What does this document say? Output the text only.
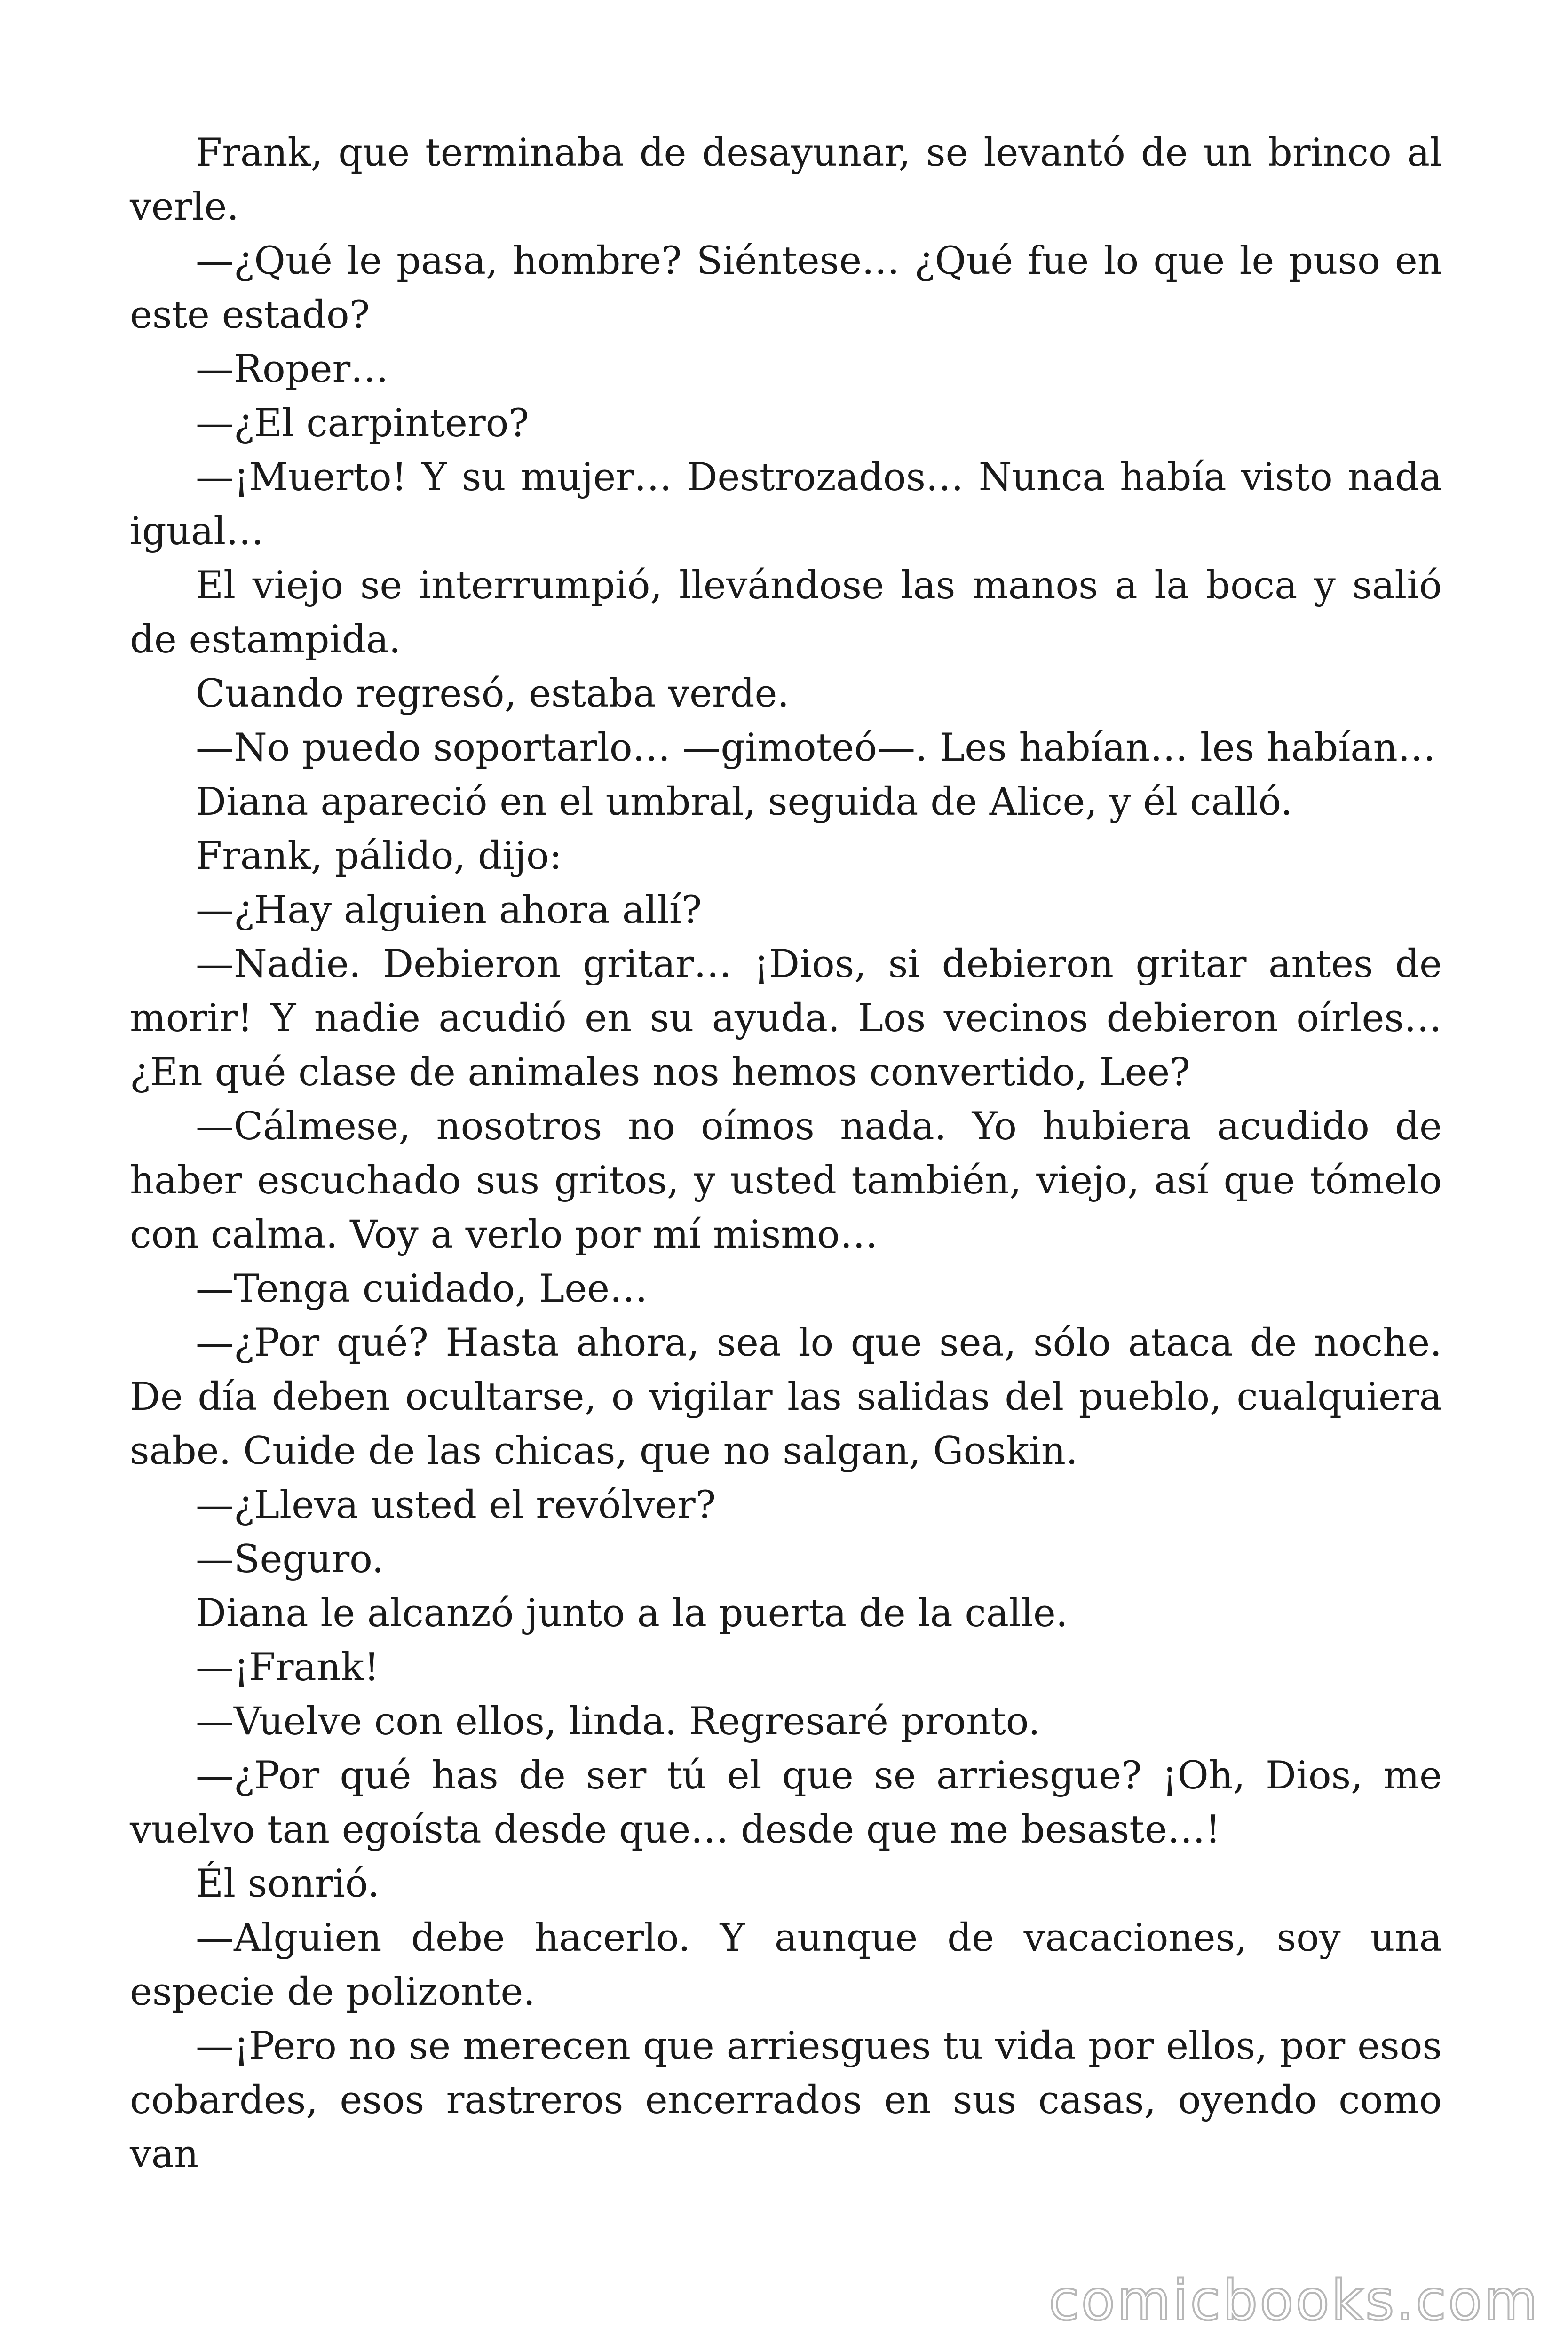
Frank, que terminaba de desayunar, se levantó de un brinco al verle.

—¿Qué le pasa, hombre? Siéntese… ¿Qué fue lo que le puso en este estado?

—Roper…

—¿El carpintero?

—¡Muerto! Y su mujer… Destrozados… Nunca había visto nada igual…

El viejo se interrumpió, llevándose las manos a la boca y salió de estampida.

Cuando regresó, estaba verde.

—No puedo soportarlo… —gimoteó—. Les habían… les habían…

Diana apareció en el umbral, seguida de Alice, y él calló.

Frank, pálido, dijo:

—¿Hay alguien ahora allí?

—Nadie. Debieron gritar… ¡Dios, si debieron gritar antes de morir! Y nadie acudió en su ayuda. Los vecinos debieron oírles… ¿En qué clase de animales nos hemos convertido, Lee?

—Cálmese, nosotros no oímos nada. Yo hubiera acudido de haber escuchado sus gritos, y usted también, viejo, así que tómelo con calma. Voy a verlo por mí mismo…

—Tenga cuidado, Lee…

—¿Por qué? Hasta ahora, sea lo que sea, sólo ataca de noche. De día deben ocultarse, o vigilar las salidas del pueblo, cualquiera sabe. Cuide de las chicas, que no salgan, Goskin.

—¿Lleva usted el revólver?

—Seguro.

Diana le alcanzó junto a la puerta de la calle.

—¡Frank!

—Vuelve con ellos, linda. Regresaré pronto.

—¿Por qué has de ser tú el que se arriesgue? ¡Oh, Dios, me vuelvo tan egoísta desde que… desde que me besaste…!

Él sonrió.

—Alguien debe hacerlo. Y aunque de vacaciones, soy una especie de polizonte.

—¡Pero no se merecen que arriesgues tu vida por ellos, por esos cobardes, esos rastreros encerrados en sus casas, oyendo como van

comicbooks.com
